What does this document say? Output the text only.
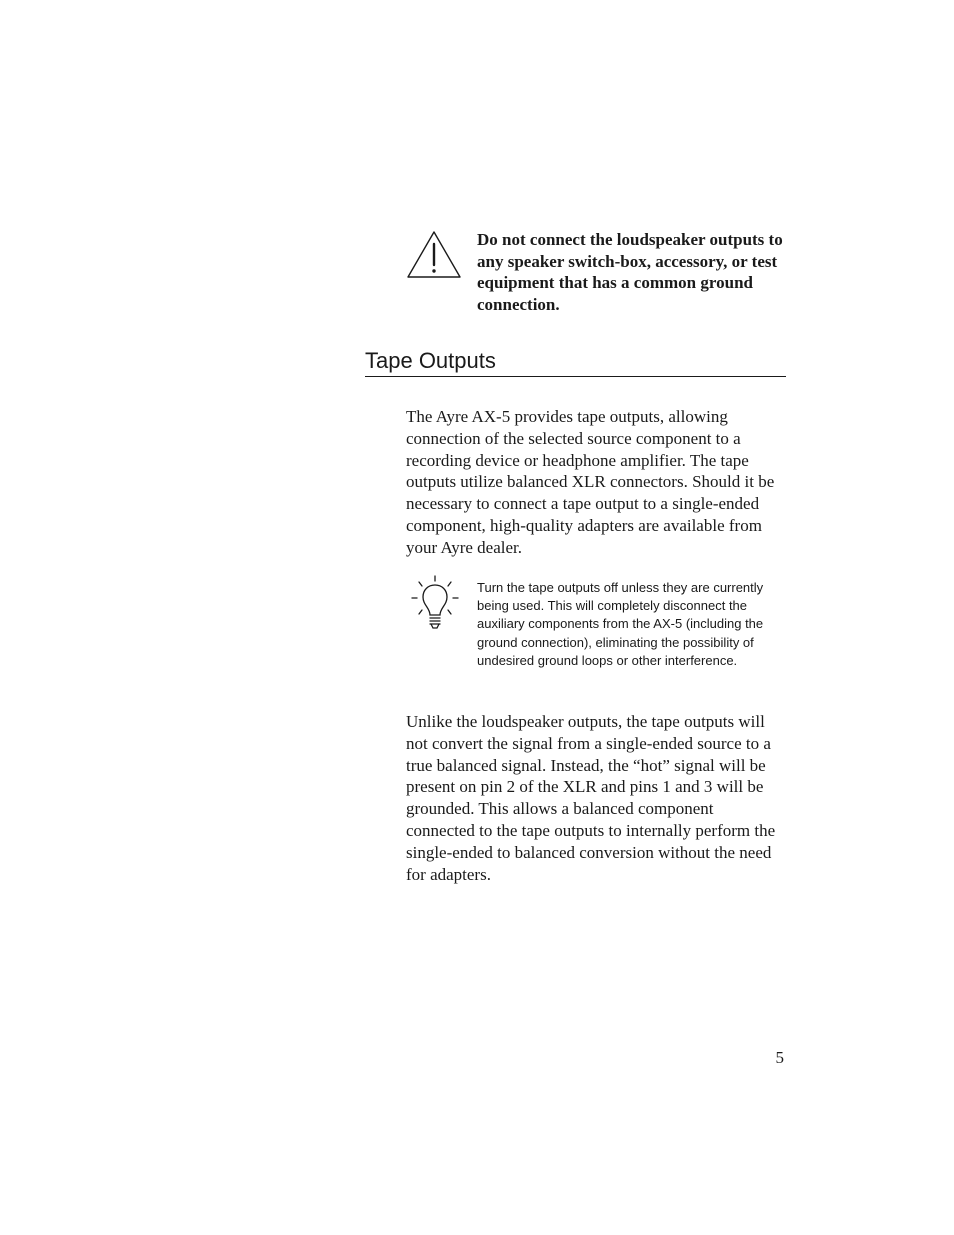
Do not connect the loudspeaker outputs to any speaker switch-box, accessory, or test equipment that has a common ground connection.

Tape Outputs

The Ayre AX-5 provides tape outputs, allowing connection of the selected source component to a recording device or headphone amplifier. The tape outputs utilize balanced XLR connectors. Should it be necessary to connect a tape output to a single-ended component, high-quality adapters are available from your Ayre dealer.

Turn the tape outputs off unless they are currently being used. This will completely disconnect the auxiliary components from the AX-5 (including the ground connection), eliminating the possibility of undesired ground loops or other interference.

Unlike the loudspeaker outputs, the tape outputs will not convert the signal from a single-ended source to a true balanced signal. Instead, the “hot” signal will be present on pin 2 of the XLR and pins 1 and 3 will be grounded. This allows a balanced component connected to the tape outputs to internally perform the single-ended to balanced conversion without the need for adapters.

5
